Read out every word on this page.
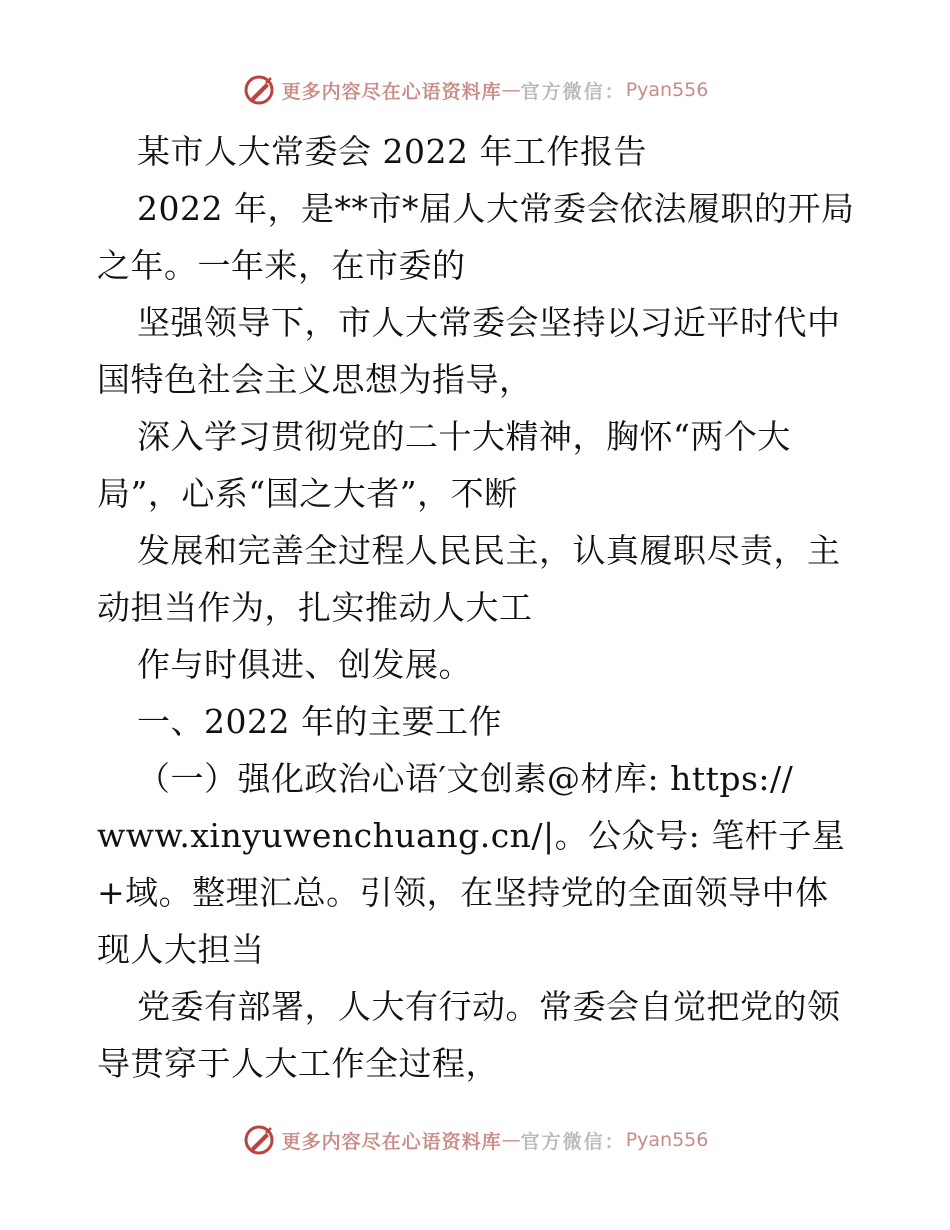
更多内容尽在心语资料库 — 官方微信： Pyan556
某市人大常委会 2022 年工作报告
2022 年，是**市*届人大常委会依法履职的开局
之年。一年来，在市委的
坚强领导下，市人大常委会坚持以习近平时代中
国特色社会主义思想为指导，
深入学习贯彻党的二十大精神，胸怀“两个大
局”，心系“国之大者”，不断
发展和完善全过程人民民主，认真履职尽责，主
动担当作为，扎实推动人大工
作与时俱进、创发展。
一、2022 年的主要工作
（一）强化政治心语′文创素@材库: https://
www.xinyuwenchuang.cn/|。公众号: 笔杆子星
+域。整理汇总。引领，在坚持党的全面领导中体
现人大担当
党委有部署，人大有行动。常委会自觉把党的领
导贯穿于人大工作全过程，
更多内容尽在心语资料库 — 官方微信： Pyan556
